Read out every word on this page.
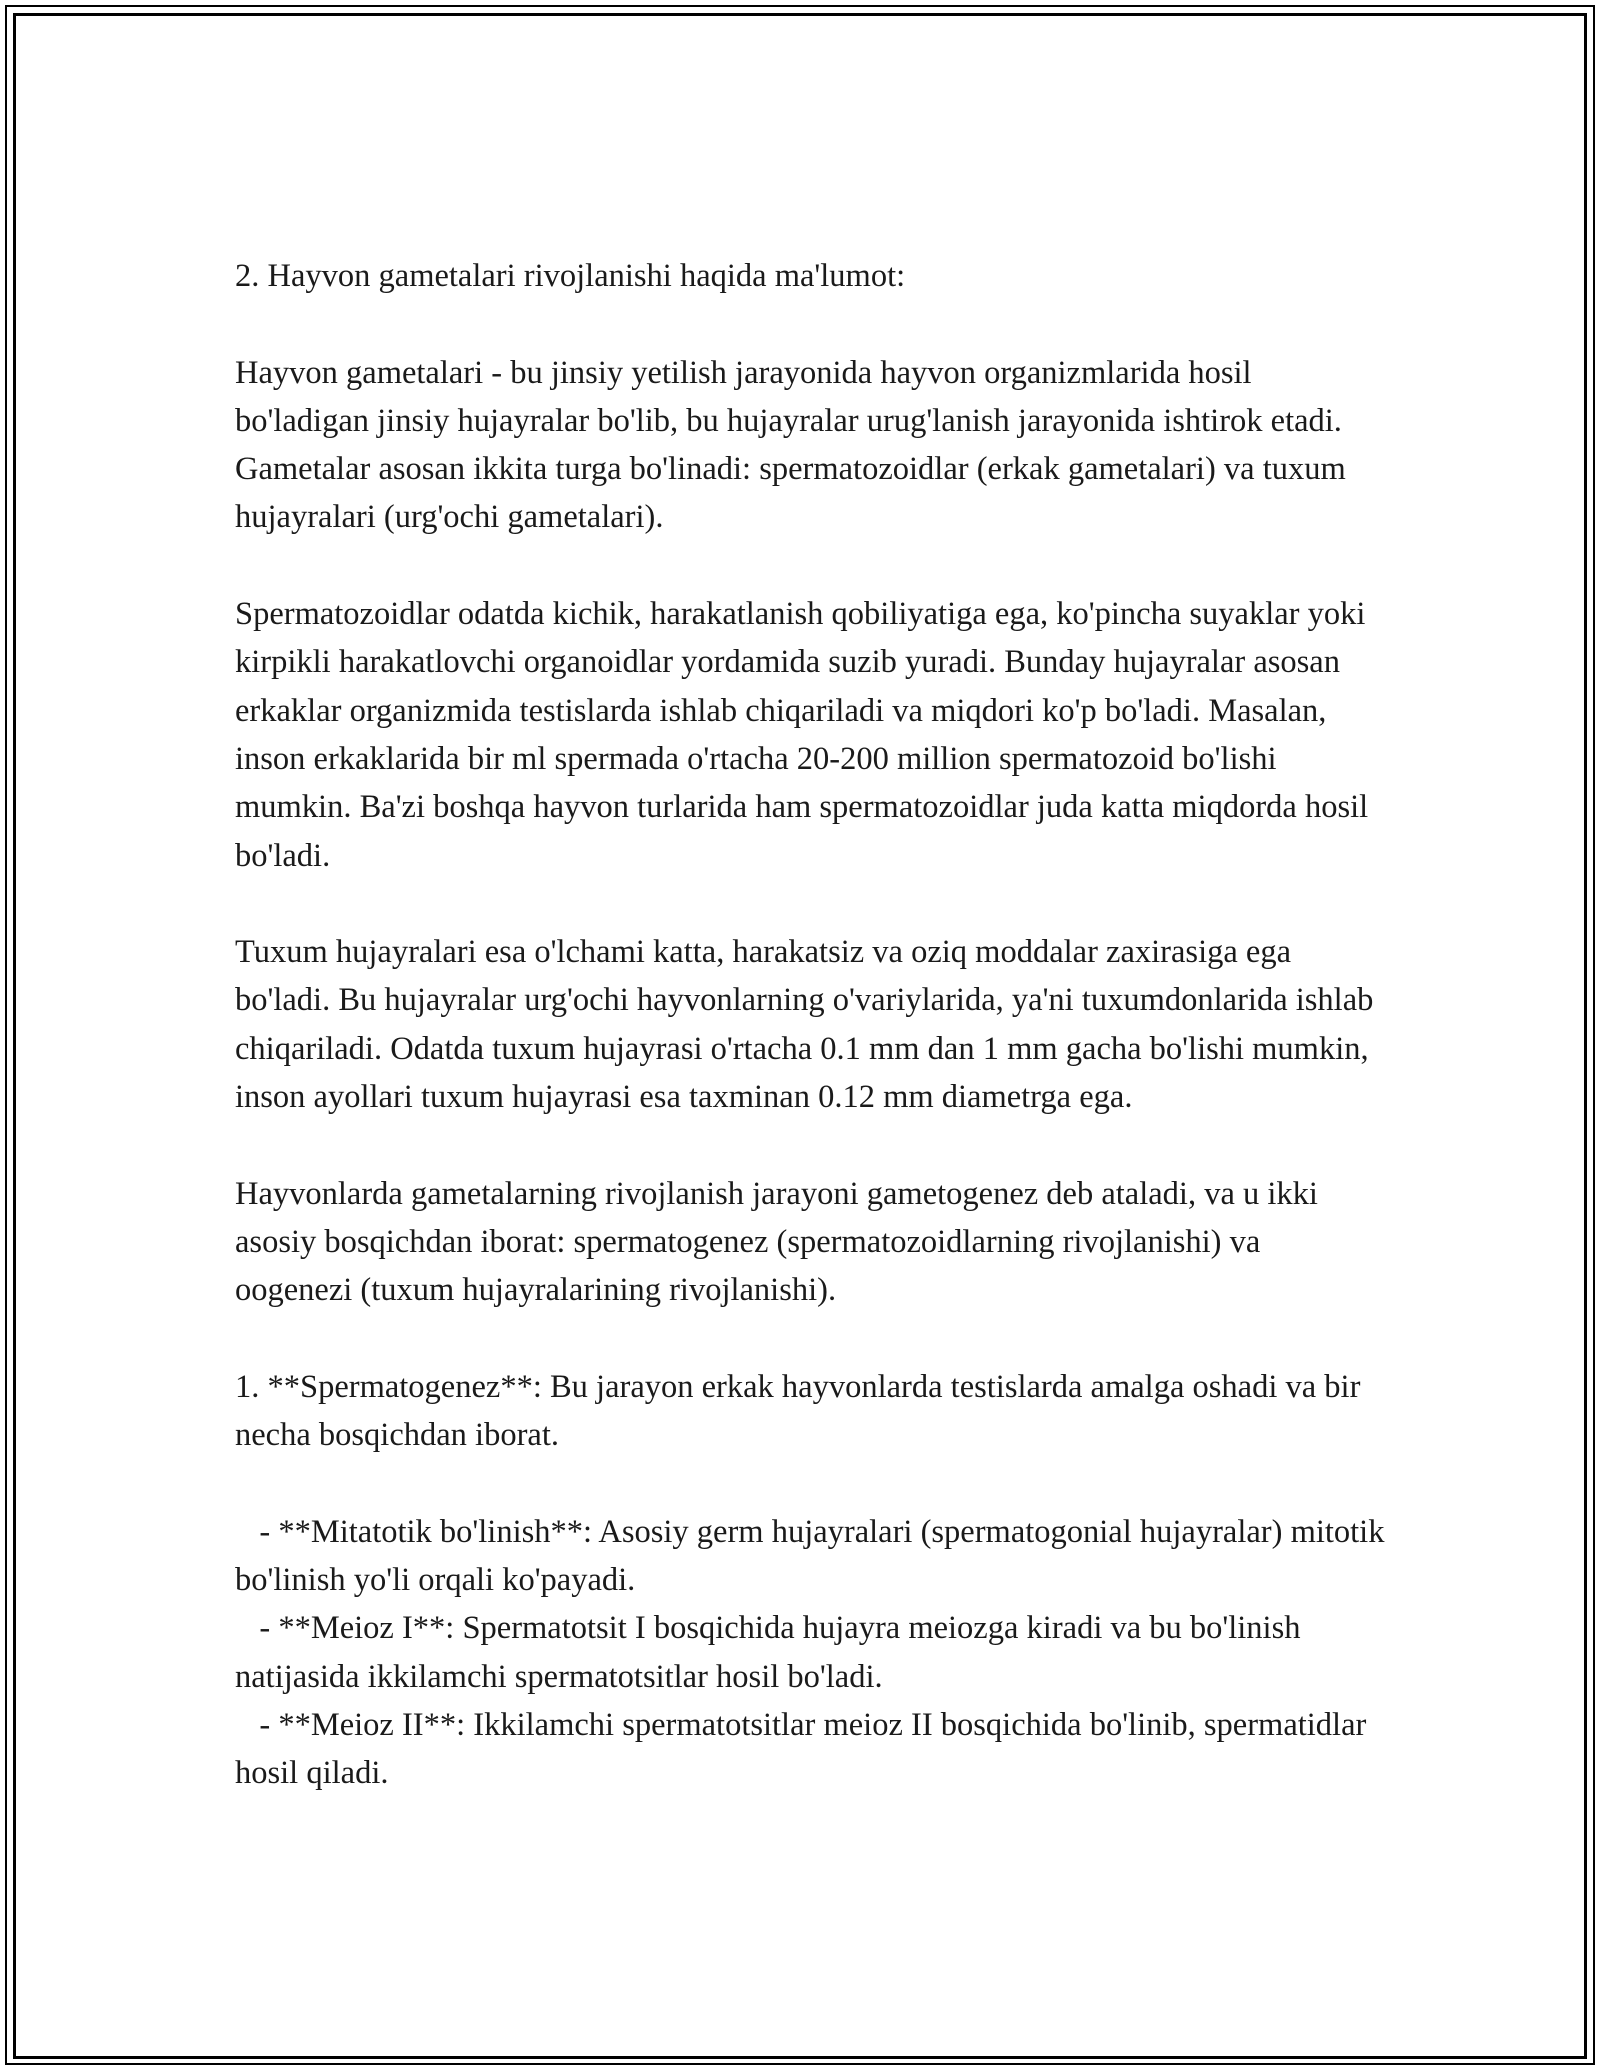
2. Hayvon gametalari rivojlanishi haqida ma'lumot:

Hayvon gametalari - bu jinsiy yetilish jarayonida hayvon organizmlarida hosil bo'ladigan jinsiy hujayralar bo'lib, bu hujayralar urug'lanish jarayonida ishtirok etadi. Gametalar asosan ikkita turga bo'linadi: spermatozoidlar (erkak gametalari) va tuxum hujayralari (urg'ochi gametalari).

Spermatozoidlar odatda kichik, harakatlanish qobiliyatiga ega, ko'pincha suyaklar yoki kirpikli harakatlovchi organoidlar yordamida suzib yuradi. Bunday hujayralar asosan erkaklar organizmida testislarda ishlab chiqariladi va miqdori ko'p bo'ladi. Masalan, inson erkaklarida bir ml spermada o'rtacha 20-200 million spermatozoid bo'lishi mumkin. Ba'zi boshqa hayvon turlarida ham spermatozoidlar juda katta miqdorda hosil bo'ladi.

Tuxum hujayralari esa o'lchami katta, harakatsiz va oziq moddalar zaxirasiga ega bo'ladi. Bu hujayralar urg'ochi hayvonlarning o'variylarida, ya'ni tuxumdonlarida ishlab chiqariladi. Odatda tuxum hujayrasi o'rtacha 0.1 mm dan 1 mm gacha bo'lishi mumkin, inson ayollari tuxum hujayrasi esa taxminan 0.12 mm diametrga ega.

Hayvonlarda gametalarning rivojlanish jarayoni gametogenez deb ataladi, va u ikki asosiy bosqichdan iborat: spermatogenez (spermatozoidlarning rivojlanishi) va oogenezi (tuxum hujayralarining rivojlanishi).

1. **Spermatogenez**: Bu jarayon erkak hayvonlarda testislarda amalga oshadi va bir necha bosqichdan iborat.

- **Mitatotik bo'linish**: Asosiy germ hujayralari (spermatogonial hujayralar) mitotik bo'linish yo'li orqali ko'payadi.

- **Meioz I**: Spermatotsit I bosqichida hujayra meiozga kiradi va bu bo'linish natijasida ikkilamchi spermatotsitlar hosil bo'ladi.

- **Meioz II**: Ikkilamchi spermatotsitlar meioz II bosqichida bo'linib, spermatidlar hosil qiladi.
